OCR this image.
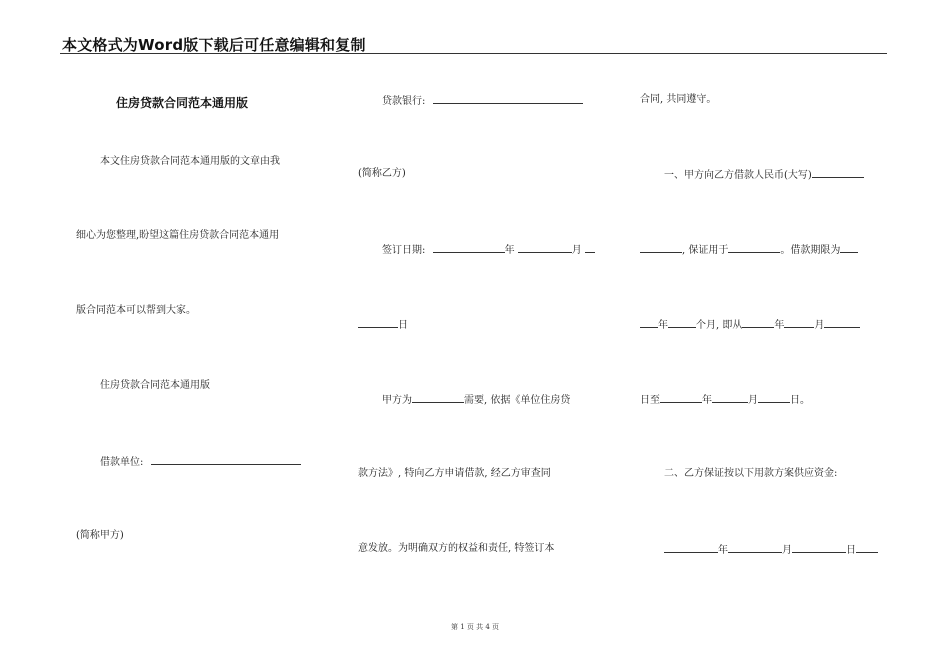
本文格式为Word版下载后可任意编辑和复制
住房贷款合同范本通用版
本文住房贷款合同范本通用版的文章由我
细心为您整理,盼望这篇住房贷款合同范本通用
版合同范本可以帮到大家。
住房贷款合同范本通用版
借款单位:
(简称甲方)
贷款银行:
(简称乙方)
签订日期:	年	月
日
甲方为	需要, 依据《单位住房贷
款方法》, 特向乙方申请借款, 经乙方审查同
意发放。为明确双方的权益和责任, 特签订本
合同, 共同遵守。
一、甲方向乙方借款人民币(大写)
, 保证用于	。借款期限为
年	个月, 即从	年	月
日至	年	月	日。
二、乙方保证按以下用款方案供应资金:
年	月	日
第 1 页 共 4 页
